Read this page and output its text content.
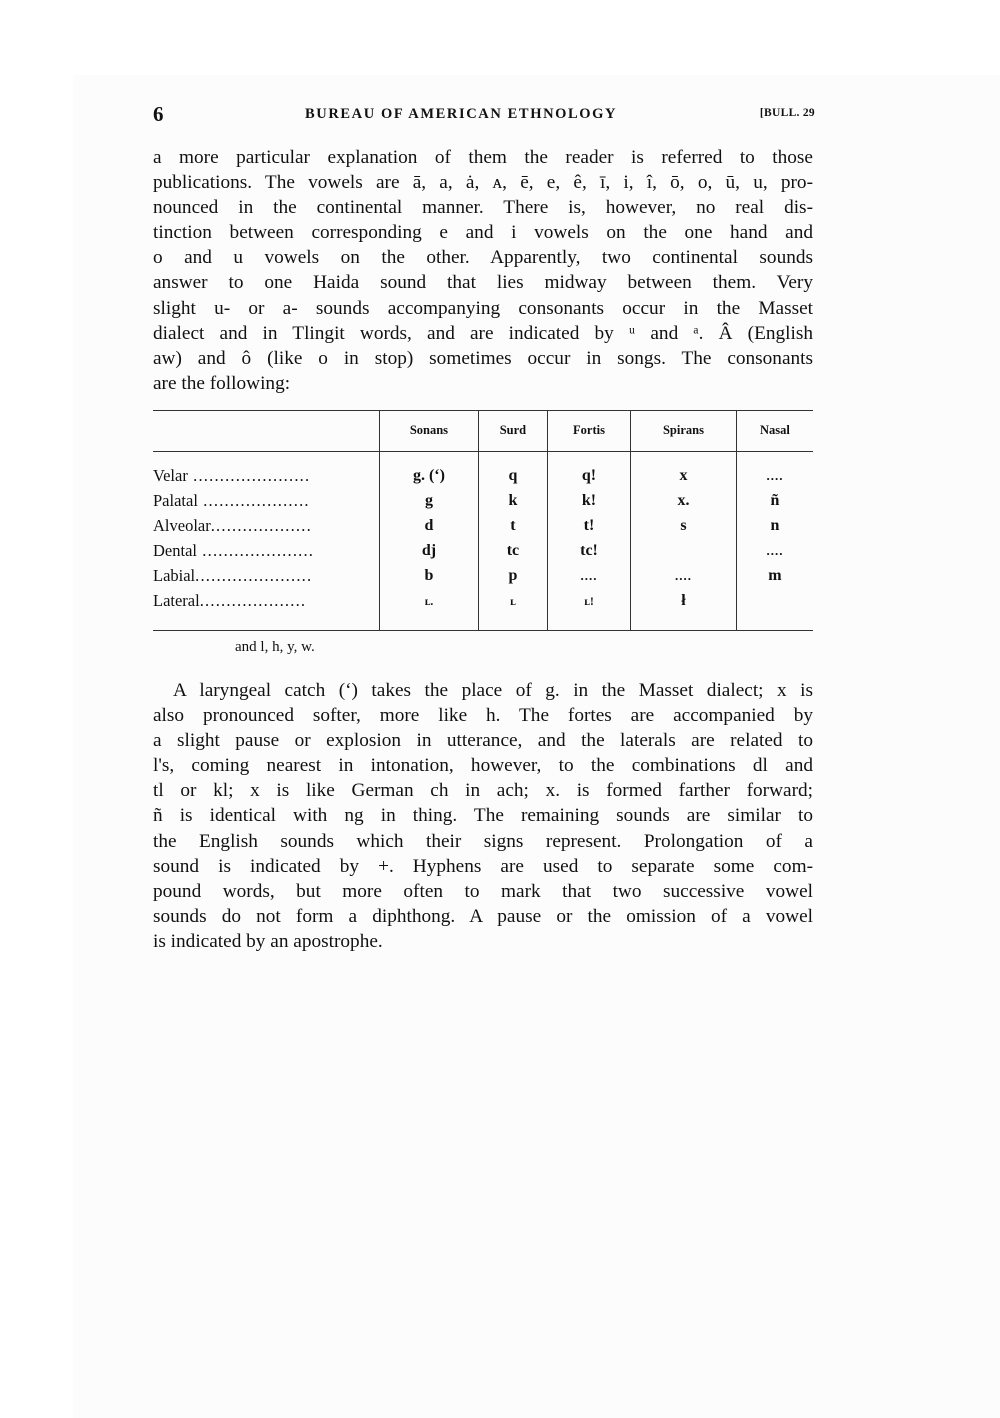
6	BUREAU OF AMERICAN ETHNOLOGY	[BULL. 29
a more particular explanation of them the reader is referred to those
publications. The vowels are ā, a, ȧ, ᴀ, ē, e, ê, ī, i, î, ō, o, ū, u, pro-
nounced in the continental manner. There is, however, no real dis-
tinction between corresponding e and i vowels on the one hand and
o and u vowels on the other. Apparently, two continental sounds
answer to one Haida sound that lies midway between them. Very
slight u- or a- sounds accompanying consonants occur in the Masset
dialect and in Tlingit words, and are indicated by ᵘ and ᵃ. Â (English
aw) and ô (like o in stop) sometimes occur in songs. The consonants
are the following:

	Sonans	Surd	Fortis	Spirans	Nasal

Velar ......................	g. (ʻ)	q	q!	x	....
Palatal ....................	g	k	k!	x.	ñ
Alveolar...................	d	t	t!	s	n
Dental .....................	dj	tc	tc!		....
Labial......................	b	p	....	....	m
Lateral....................	ʟ.	ʟ	ʟ!	ł	

and l, h, y, w.
A laryngeal catch (ʻ) takes the place of g. in the Masset dialect; x is
also pronounced softer, more like h. The fortes are accompanied by
a slight pause or explosion in utterance, and the laterals are related to
l's, coming nearest in intonation, however, to the combinations dl and
tl or kl; x is like German ch in ach; x. is formed farther forward;
ñ is identical with ng in thing. The remaining sounds are similar to
the English sounds which their signs represent. Prolongation of a
sound is indicated by +. Hyphens are used to separate some com-
pound words, but more often to mark that two successive vowel
sounds do not form a diphthong. A pause or the omission of a vowel
is indicated by an apostrophe.
